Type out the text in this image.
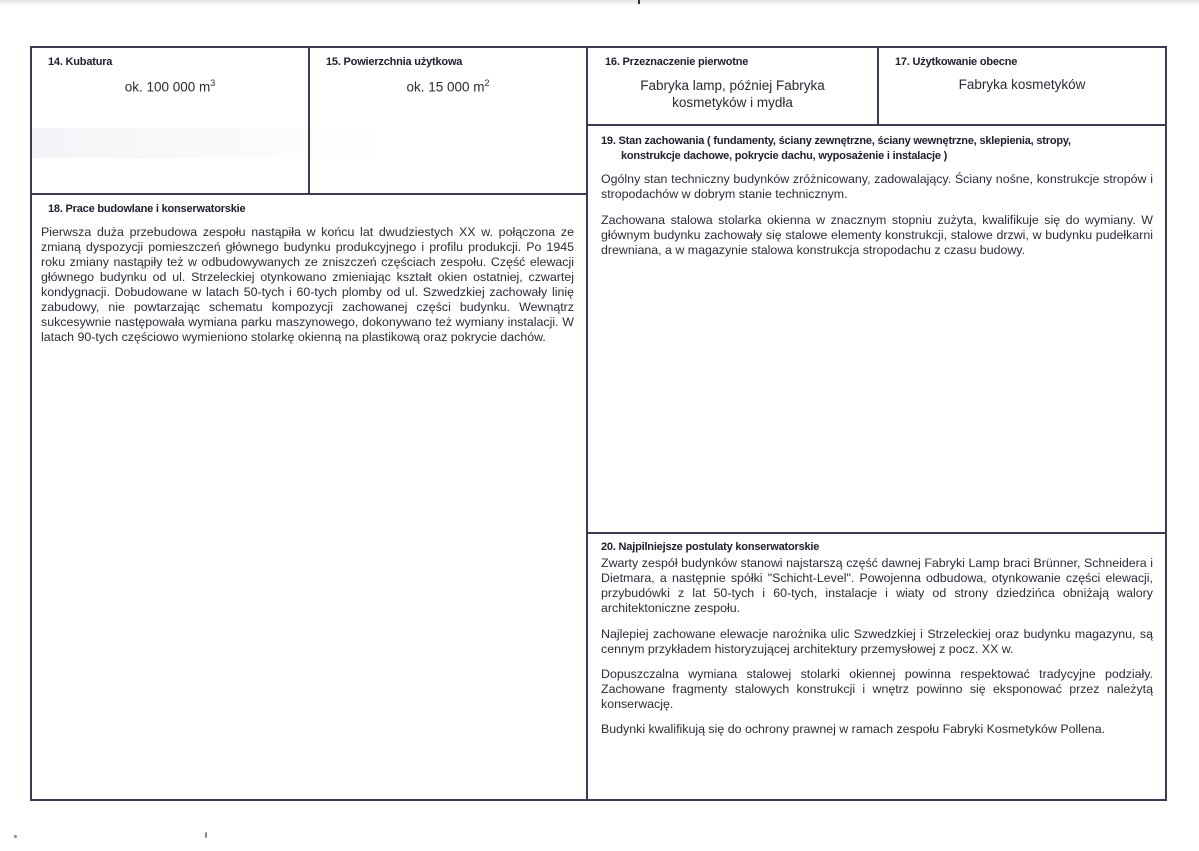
14. Kubatura
ok. 100 000 $m^3$
15. Powierzchnia użytkowa
ok. 15 000 $m^2$
16. Przeznaczenie pierwotne
Fabryka lamp, później Fabryka
kosmetyków i mydła
17. Użytkowanie obecne
Fabryka kosmetyków
19. Stan zachowania ( fundamenty, ściany zewnętrzne, ściany wewnętrzne, sklepienia, stropy,
konstrukcje dachowe, pokrycie dachu, wyposażenie i instalacje )

Ogólny stan techniczny budynków zróżnicowany, zadowalający. Ściany nośne, konstrukcje stropów i stropodachów w dobrym stanie technicznym.

Zachowana stalowa stolarka okienna w znacznym stopniu zużyta, kwalifikuje się do wymiany. W głównym budynku zachowały się stalowe elementy konstrukcji, stalowe drzwi, w budynku pudełkarni drewniana, a w magazynie stalowa konstrukcja stropodachu z czasu budowy.

18. Prace budowlane i konserwatorskie

Pierwsza duża przebudowa zespołu nastąpiła w końcu lat dwudziestych XX w. połączona ze zmianą dyspozycji pomieszczeń głównego budynku produkcyjnego i profilu produkcji. Po 1945 roku zmiany nastąpiły też w odbudowywanych ze zniszczeń częściach zespołu. Część elewacji głównego budynku od ul. Strzeleckiej otynkowano zmieniając kształt okien ostatniej, czwartej kondygnacji. Dobudowane w latach 50-tych i 60-tych plomby od ul. Szwedzkiej zachowały linię zabudowy, nie powtarzając schematu kompozycji zachowanej części budynku. Wewnątrz sukcesywnie następowała wymiana parku maszynowego, dokonywano też wymiany instalacji. W latach 90-tych częściowo wymieniono stolarkę okienną na plastikową oraz pokrycie dachów.

20. Najpilniejsze postulaty konserwatorskie

Zwarty zespół budynków stanowi najstarszą część dawnej Fabryki Lamp braci Brünner, Schneidera i Dietmara, a następnie spółki "Schicht-Level". Powojenna odbudowa, otynkowanie części elewacji, przybudówki z lat 50-tych i 60-tych, instalacje i wiaty od strony dziedzińca obniżają walory architektoniczne zespołu.

Najlepiej zachowane elewacje narożnika ulic Szwedzkiej i Strzeleckiej oraz budynku magazynu, są cennym przykładem historyzującej architektury przemysłowej z pocz. XX w.

Dopuszczalna wymiana stalowej stolarki okiennej powinna respektować tradycyjne podziały. Zachowane fragmenty stalowych konstrukcji i wnętrz powinno się eksponować przez należytą konserwację.

Budynki kwalifikują się do ochrony prawnej w ramach zespołu Fabryki Kosmetyków Pollena.
